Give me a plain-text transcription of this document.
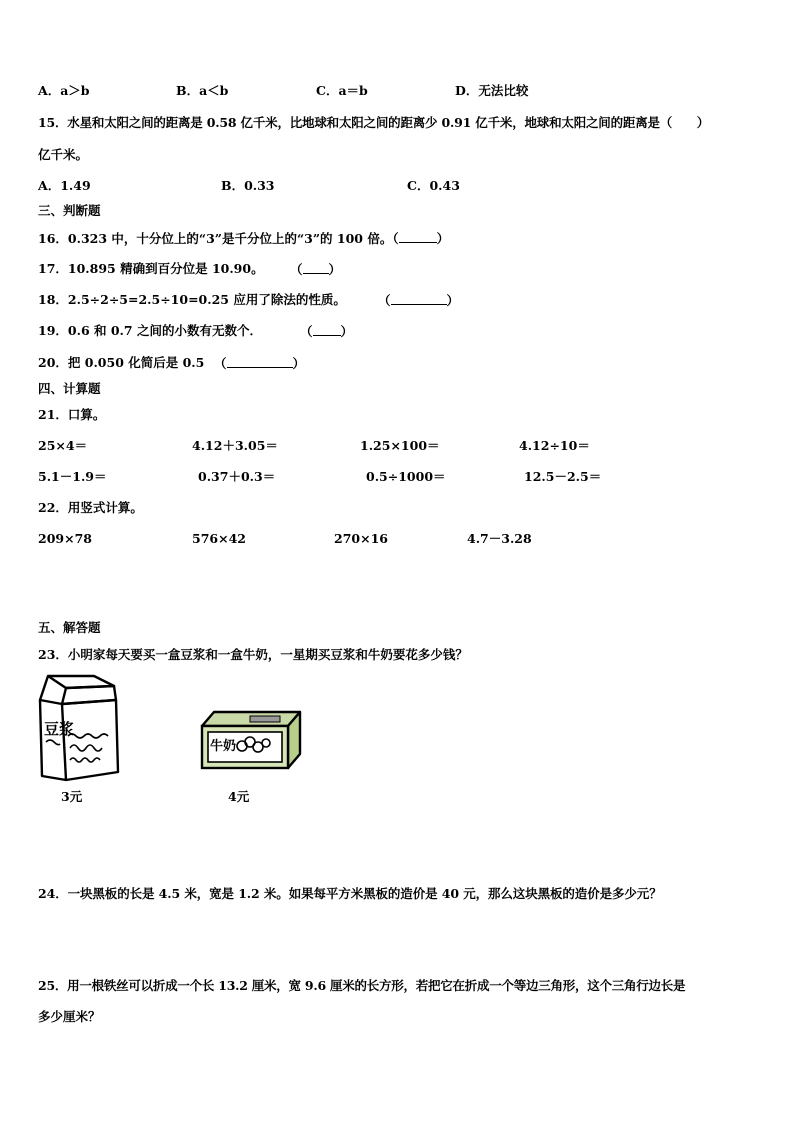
A．a＞b	B．a＜b	C．a＝b	D．无法比较
15．水星和太阳之间的距离是 0.58 亿千米，比地球和太阳之间的距离少 0.91 亿千米，地球和太阳之间的距离是（　　）
亿千米。
A．1.49	B．0.33	C．0.43
三、判断题
16．0.323 中，十分位上的“3”是千分位上的“3”的 100 倍。（	）
17．10.895 精确到百分位是 10.90。 （ ）
18．2.5÷2÷5=2.5÷10=0.25 应用了除法的性质。	（	）
19．0.6 和 0.7 之间的小数有无数个．	（ ）
20．把 0.050 化简后是 0.5 （	）
四、计算题
21．口算。
25×4＝	4.12＋3.05＝	1.25×100＝	4.12÷10＝
5.1－1.9＝	0.37＋0.3＝	0.5÷1000＝	12.5－2.5＝
22．用竖式计算。
209×78	576×42	270×16	4.7－3.28
五、解答题
23．小明家每天要买一盒豆浆和一盒牛奶，一星期买豆浆和牛奶要花多少钱？
豆浆
3元
牛奶
4元
24．一块黑板的长是 4.5 米，宽是 1.2 米。如果每平方米黑板的造价是 40 元，那么这块黑板的造价是多少元？
25．用一根铁丝可以折成一个长 13.2 厘米，宽 9.6 厘米的长方形，若把它在折成一个等边三角形，这个三角行边长是
多少厘米？
